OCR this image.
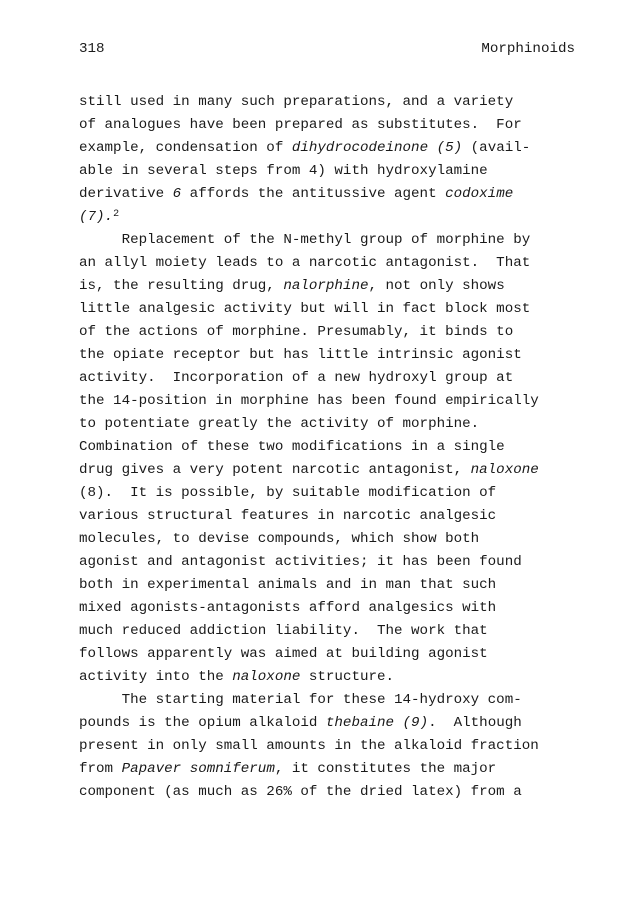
318	Morphinoids
still used in many such preparations, and a variety
of analogues have been prepared as substitutes.  For
example, condensation of dihydrocodeinone (5) (avail-
able in several steps from 4) with hydroxylamine
derivative 6 affords the antitussive agent codoxime
(7).$^2$
Replacement of the N-methyl group of morphine by
an allyl moiety leads to a narcotic antagonist.  That
is, the resulting drug, nalorphine, not only shows
little analgesic activity but will in fact block most
of the actions of morphine. Presumably, it binds to
the opiate receptor but has little intrinsic agonist
activity.  Incorporation of a new hydroxyl group at
the 14-position in morphine has been found empirically
to potentiate greatly the activity of morphine.
Combination of these two modifications in a single
drug gives a very potent narcotic antagonist, naloxone
(8).  It is possible, by suitable modification of
various structural features in narcotic analgesic
molecules, to devise compounds, which show both
agonist and antagonist activities; it has been found
both in experimental animals and in man that such
mixed agonists-antagonists afford analgesics with
much reduced addiction liability.  The work that
follows apparently was aimed at building agonist
activity into the naloxone structure.
The starting material for these 14-hydroxy com-
pounds is the opium alkaloid thebaine (9).  Although
present in only small amounts in the alkaloid fraction
from Papaver somniferum, it constitutes the major
component (as much as 26% of the dried latex) from a
